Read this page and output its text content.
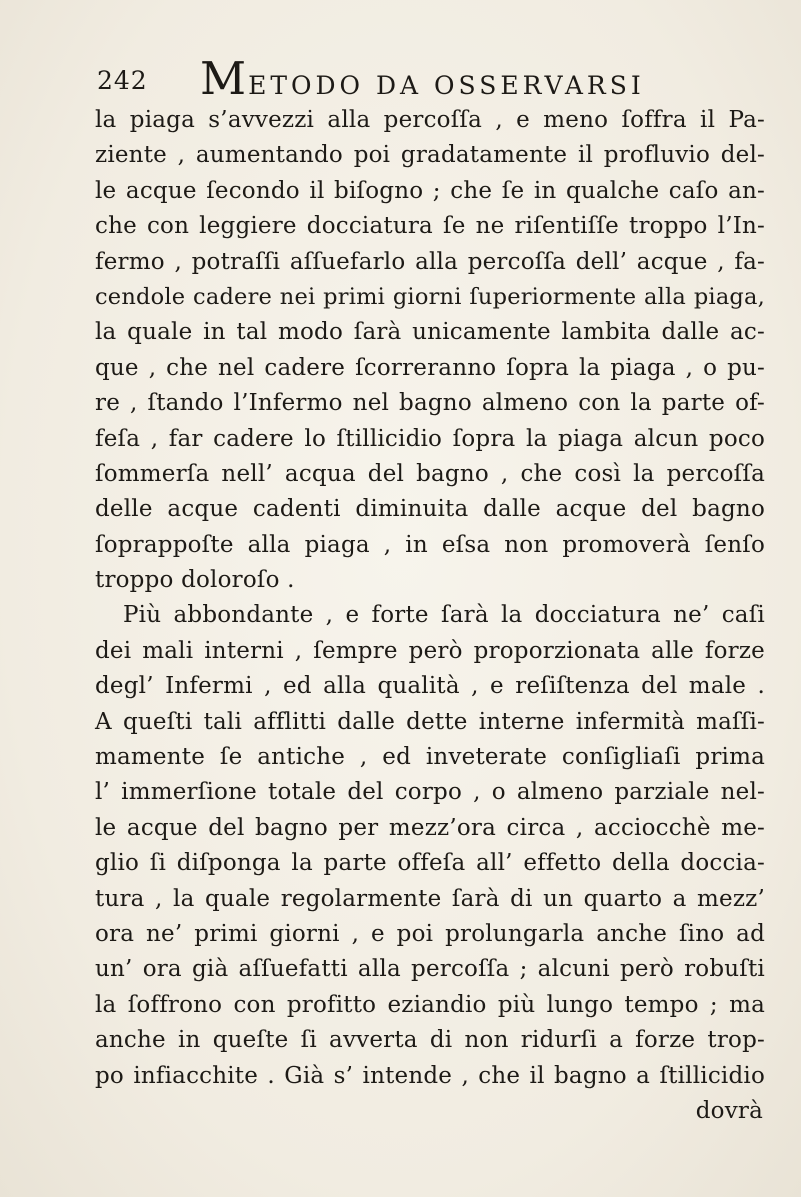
242 METODO DA OSSERVARSI
la piaga s’avvezzi alla percoſſa , e meno ſoffra il Pa-
ziente , aumentando poi gradatamente il profluvio del-
le acque ſecondo il biſogno ; che ſe in qualche caſo an-
che con leggiere docciatura ſe ne riſentiſſe troppo l’In-
fermo , potraſſi aſſuefarlo alla percoſſa dell’ acque , fa-
cendole cadere nei primi giorni ſuperiormente alla piaga,
la quale in tal modo ſarà unicamente lambita dalle ac-
que , che nel cadere ſcorreranno ſopra la piaga , o pu-
re , ſtando l’Infermo nel bagno almeno con la parte of-
feſa , far cadere lo ſtillicidio ſopra la piaga alcun poco
ſommerſa nell’ acqua del bagno , che così la percoſſa
delle acque cadenti diminuita dalle acque del bagno
ſoprappoſte alla piaga , in eſsa non promoverà ſenſo
troppo doloroſo .
Più abbondante , e forte ſarà la docciatura ne’ caſi
dei mali interni , ſempre però proporzionata alle forze
degl’ Infermi , ed alla qualità , e reſiſtenza del male .
A queſti tali afflitti dalle dette interne infermità maſſi-
mamente ſe antiche , ed inveterate conſigliaſi prima
l’ immerſione totale del corpo , o almeno parziale nel-
le acque del bagno per mezz’ora circa , acciocchè me-
glio ſi diſponga la parte offeſa all’ effetto della doccia-
tura , la quale regolarmente ſarà di un quarto a mezz’
ora ne’ primi giorni , e poi prolungarla anche ſino ad
un’ ora già aſſuefatti alla percoſſa ; alcuni però robuſti
la ſoffrono con profitto eziandio più lungo tempo ; ma
anche in queſte ſi avverta di non ridurſi a forze trop-
po infiacchite . Già s’ intende , che il bagno a ſtillicidio
dovrà
